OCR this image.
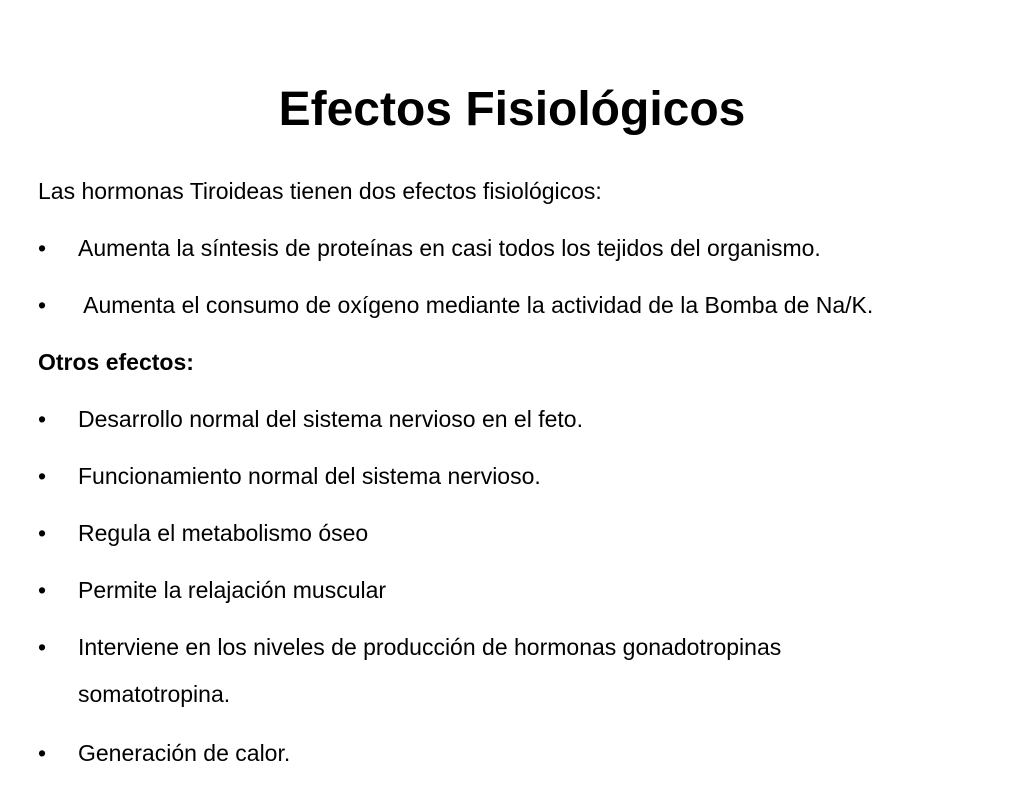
Efectos Fisiológicos

Las hormonas Tiroideas tienen dos efectos fisiológicos:

•	Aumenta la síntesis de proteínas en casi todos los tejidos del organismo.
•	Aumenta el consumo de oxígeno mediante la actividad de la Bomba de Na/K.

Otros efectos:

•	Desarrollo normal del sistema nervioso en el feto.
•	Funcionamiento normal del sistema nervioso.
•	Regula el metabolismo óseo
•	Permite la relajación muscular
•	Interviene en los niveles de producción de hormonas gonadotropinas somatotropina.
•	Generación de calor.
